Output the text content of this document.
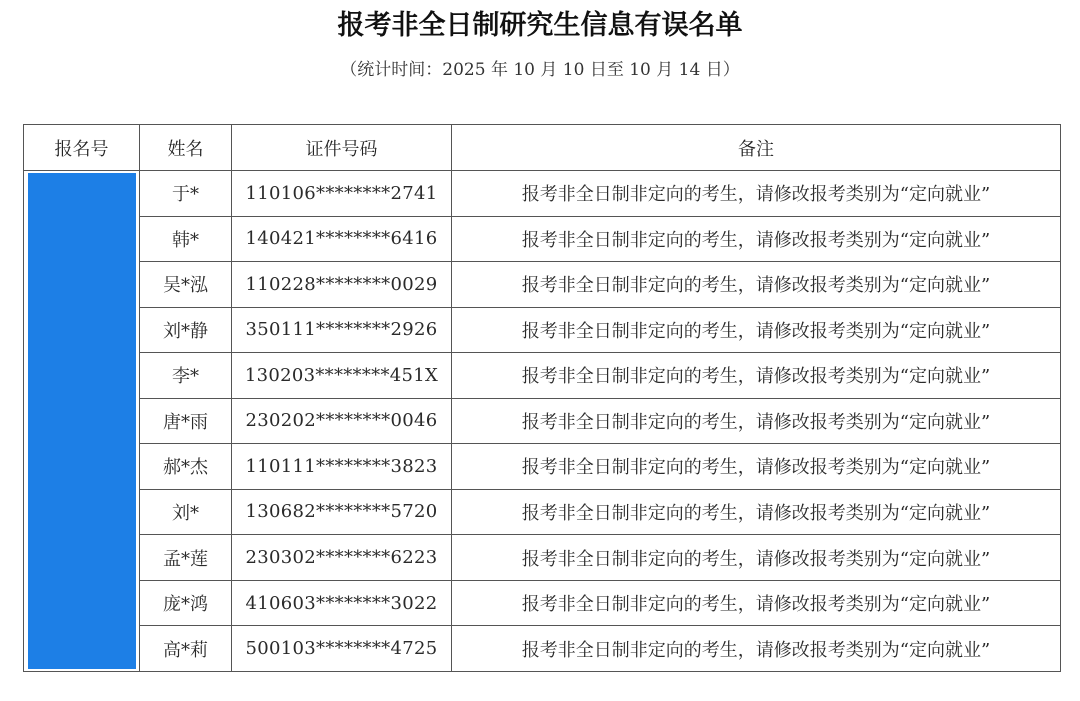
报考非全日制研究生信息有误名单
（统计时间：2025 年 10 月 10 日至 10 月 14 日）
报名号	姓名	证件号码	备注

	于*	110106********2741	报考非全日制非定向的考生，请修改报考类别为“定向就业”
	韩*	140421********6416	报考非全日制非定向的考生，请修改报考类别为“定向就业”
	吴*泓	110228********0029	报考非全日制非定向的考生，请修改报考类别为“定向就业”
	刘*静	350111********2926	报考非全日制非定向的考生，请修改报考类别为“定向就业”
	李*	130203********451X	报考非全日制非定向的考生，请修改报考类别为“定向就业”
	唐*雨	230202********0046	报考非全日制非定向的考生，请修改报考类别为“定向就业”
	郝*杰	110111********3823	报考非全日制非定向的考生，请修改报考类别为“定向就业”
	刘*	130682********5720	报考非全日制非定向的考生，请修改报考类别为“定向就业”
	孟*莲	230302********6223	报考非全日制非定向的考生，请修改报考类别为“定向就业”
	庞*鸿	410603********3022	报考非全日制非定向的考生，请修改报考类别为“定向就业”
	高*莉	500103********4725	报考非全日制非定向的考生，请修改报考类别为“定向就业”
